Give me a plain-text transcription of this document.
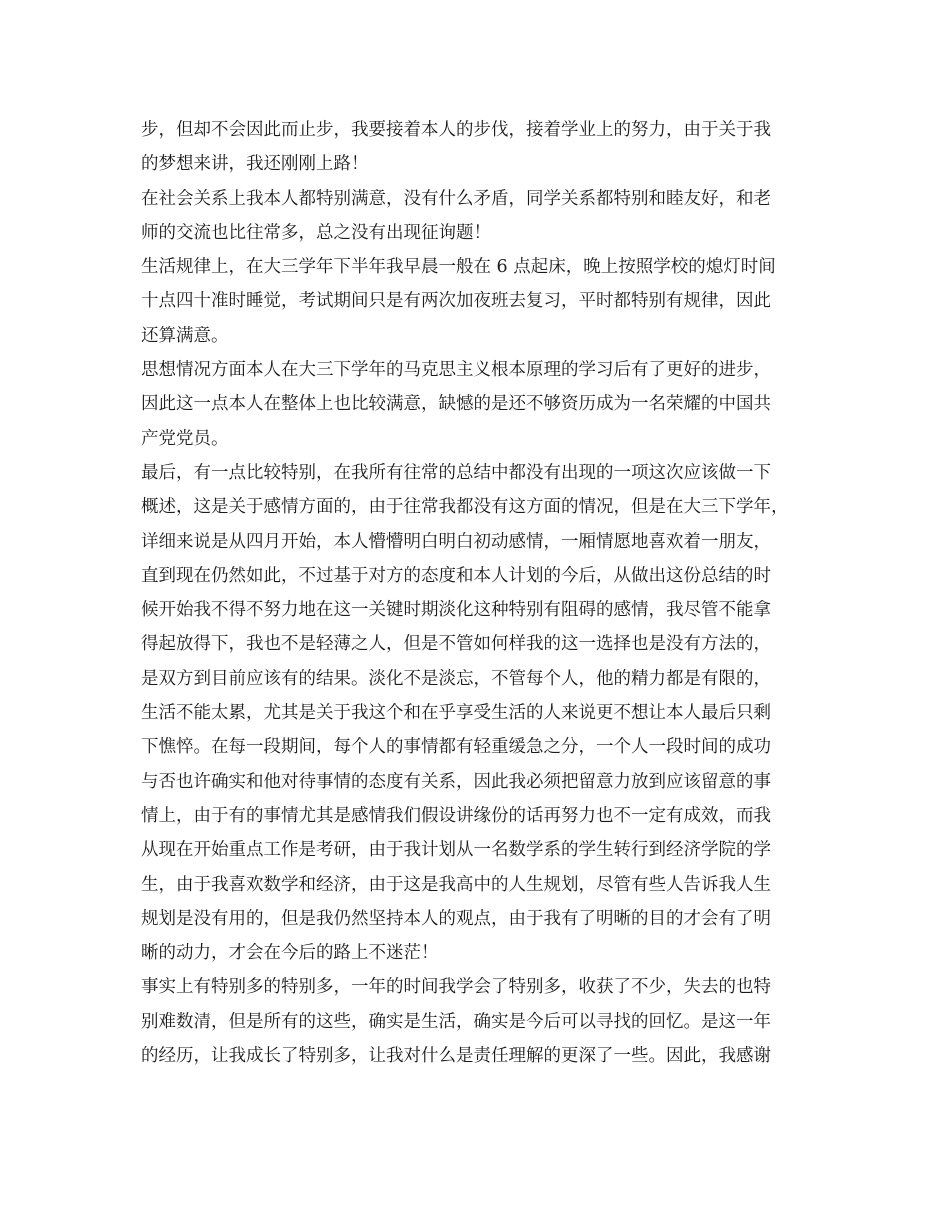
步，但却不会因此而止步，我要接着本人的步伐，接着学业上的努力，由于关于我
的梦想来讲，我还刚刚上路！
在社会关系上我本人都特别满意，没有什么矛盾，同学关系都特别和睦友好，和老
师的交流也比往常多，总之没有出现征询题！
生活规律上，在大三学年下半年我早晨一般在 6 点起床，晚上按照学校的熄灯时间
十点四十准时睡觉，考试期间只是有两次加夜班去复习，平时都特别有规律，因此
还算满意。
思想情况方面本人在大三下学年的马克思主义根本原理的学习后有了更好的进步，
因此这一点本人在整体上也比较满意，缺憾的是还不够资历成为一名荣耀的中国共
产党党员。
最后，有一点比较特别，在我所有往常的总结中都没有出现的一项这次应该做一下
概述，这是关于感情方面的，由于往常我都没有这方面的情况，但是在大三下学年，
详细来说是从四月开始，本人懵懵明白明白初动感情，一厢情愿地喜欢着一朋友，
直到现在仍然如此，不过基于对方的态度和本人计划的今后，从做出这份总结的时
候开始我不得不努力地在这一关键时期淡化这种特别有阻碍的感情，我尽管不能拿
得起放得下，我也不是轻薄之人，但是不管如何样我的这一选择也是没有方法的，
是双方到目前应该有的结果。淡化不是淡忘，不管每个人，他的精力都是有限的，
生活不能太累，尤其是关于我这个和在乎享受生活的人来说更不想让本人最后只剩
下憔悴。在每一段期间，每个人的事情都有轻重缓急之分，一个人一段时间的成功
与否也许确实和他对待事情的态度有关系，因此我必须把留意力放到应该留意的事
情上，由于有的事情尤其是感情我们假设讲缘份的话再努力也不一定有成效，而我
从现在开始重点工作是考研，由于我计划从一名数学系的学生转行到经济学院的学
生，由于我喜欢数学和经济，由于这是我高中的人生规划，尽管有些人告诉我人生
规划是没有用的，但是我仍然坚持本人的观点，由于我有了明晰的目的才会有了明
晰的动力，才会在今后的路上不迷茫！
事实上有特别多的特别多，一年的时间我学会了特别多，收获了不少，失去的也特
别难数清，但是所有的这些，确实是生活，确实是今后可以寻找的回忆。是这一年
的经历，让我成长了特别多，让我对什么是责任理解的更深了一些。因此，我感谢
